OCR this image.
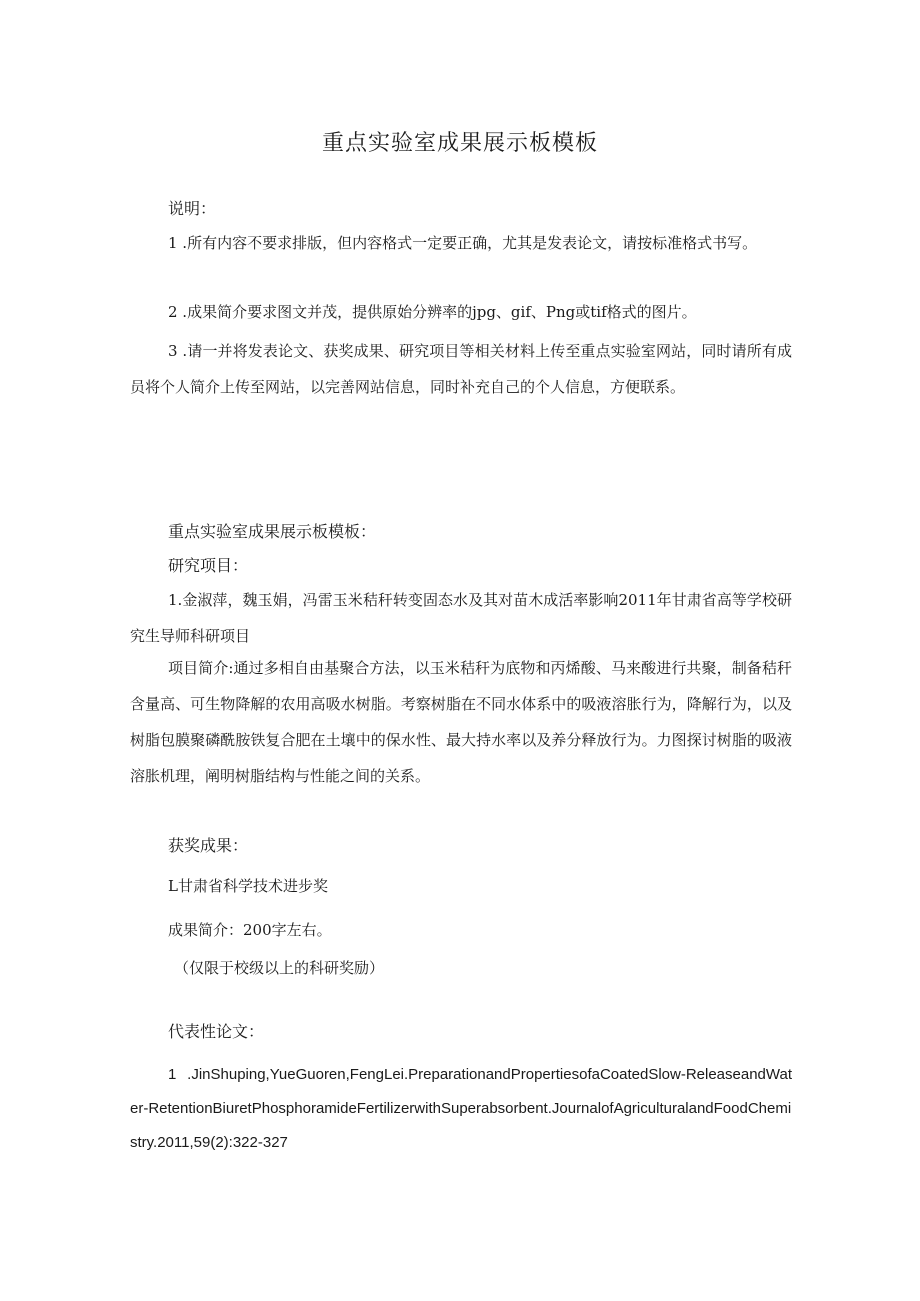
重点实验室成果展示板模板
说明：
1 .所有内容不要求排版，但内容格式一定要正确，尤其是发表论文，请按标准格式书写。
2 .成果简介要求图文并茂，提供原始分辨率的jpg、gif、Png或tif格式的图片。
3 .请一并将发表论文、获奖成果、研究项目等相关材料上传至重点实验室网站，同时请所有成员将个人简介上传至网站，以完善网站信息，同时补充自己的个人信息，方便联系。
重点实验室成果展示板模板：
研究项目：
1.金淑萍，魏玉娟，冯雷玉米秸秆转变固态水及其对苗木成活率影响2011年甘肃省高等学校研究生导师科研项目
项目简介:通过多相自由基聚合方法，以玉米秸秆为底物和丙烯酸、马来酸进行共聚，制备秸秆含量高、可生物降解的农用高吸水树脂。考察树脂在不同水体系中的吸液溶胀行为，降解行为，以及树脂包膜聚磷酰胺铁复合肥在土壤中的保水性、最大持水率以及养分释放行为。力图探讨树脂的吸液溶胀机理，阐明树脂结构与性能之间的关系。
获奖成果：
L甘肃省科学技术进步奖
成果简介：200字左右。
（仅限于校级以上的科研奖励）
代表性论文：
1 .JinShuping,YueGuoren,FengLei.PreparationandPropertiesofaCoatedSlow-ReleaseandWater-RetentionBiuretPhosphoramideFertilizerwithSuperabsorbent.JournalofAgriculturalandFoodChemistry.2011,59(2):322-327
